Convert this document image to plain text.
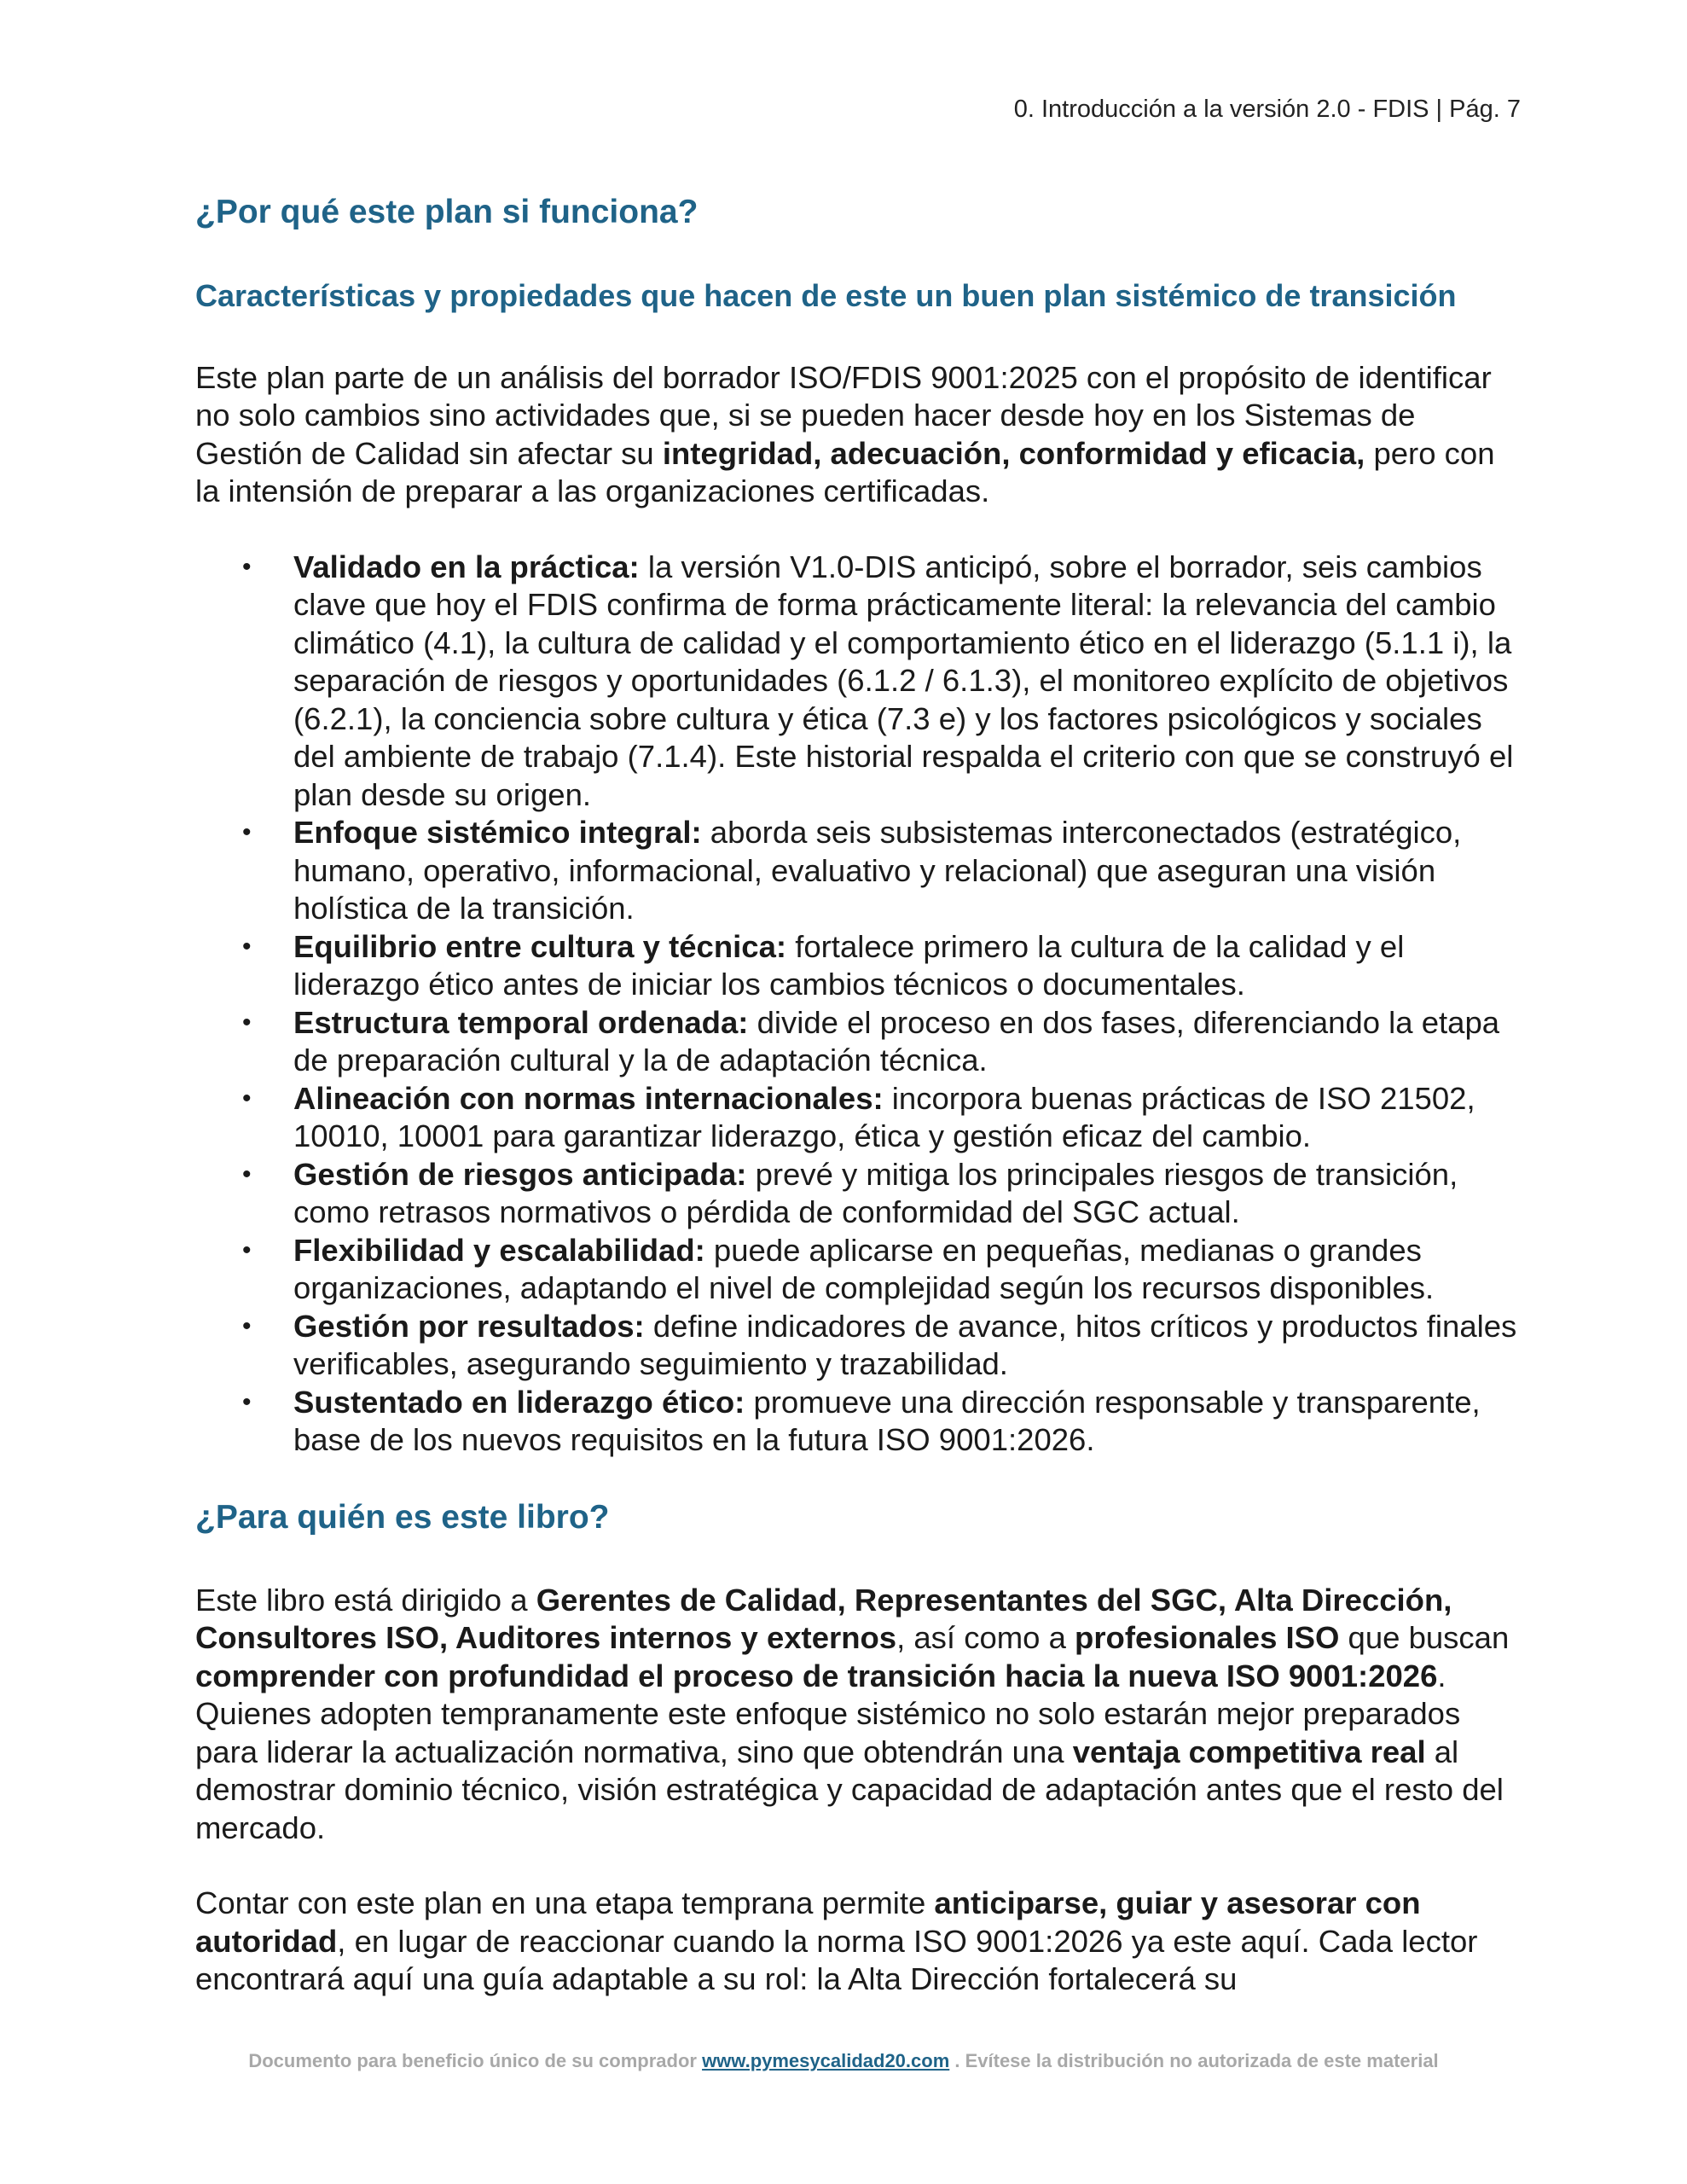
0. Introducción a la versión 2.0 - FDIS | Pág. 7
¿Por qué este plan si funciona?
Características y propiedades que hacen de este un buen plan sistémico de transición
Este plan parte de un análisis del borrador ISO/FDIS 9001:2025 con el propósito de identificar no solo cambios sino actividades que, si se pueden hacer desde hoy en los Sistemas de Gestión de Calidad sin afectar su integridad, adecuación, conformidad y eficacia, pero con la intensión de preparar a las organizaciones certificadas.
• Validado en la práctica: la versión V1.0-DIS anticipó, sobre el borrador, seis cambios clave que hoy el FDIS confirma de forma prácticamente literal: la relevancia del cambio climático (4.1), la cultura de calidad y el comportamiento ético en el liderazgo (5.1.1 i), la separación de riesgos y oportunidades (6.1.2 / 6.1.3), el monitoreo explícito de objetivos (6.2.1), la conciencia sobre cultura y ética (7.3 e) y los factores psicológicos y sociales del ambiente de trabajo (7.1.4). Este historial respalda el criterio con que se construyó el plan desde su origen.
• Enfoque sistémico integral: aborda seis subsistemas interconectados (estratégico, humano, operativo, informacional, evaluativo y relacional) que aseguran una visión holística de la transición.
• Equilibrio entre cultura y técnica: fortalece primero la cultura de la calidad y el liderazgo ético antes de iniciar los cambios técnicos o documentales.
• Estructura temporal ordenada: divide el proceso en dos fases, diferenciando la etapa de preparación cultural y la de adaptación técnica.
• Alineación con normas internacionales: incorpora buenas prácticas de ISO 21502, 10010, 10001 para garantizar liderazgo, ética y gestión eficaz del cambio.
• Gestión de riesgos anticipada: prevé y mitiga los principales riesgos de transición, como retrasos normativos o pérdida de conformidad del SGC actual.
• Flexibilidad y escalabilidad: puede aplicarse en pequeñas, medianas o grandes organizaciones, adaptando el nivel de complejidad según los recursos disponibles.
• Gestión por resultados: define indicadores de avance, hitos críticos y productos finales verificables, asegurando seguimiento y trazabilidad.
• Sustentado en liderazgo ético: promueve una dirección responsable y transparente, base de los nuevos requisitos en la futura ISO 9001:2026.
¿Para quién es este libro?
Este libro está dirigido a Gerentes de Calidad, Representantes del SGC, Alta Dirección, Consultores ISO, Auditores internos y externos, así como a profesionales ISO que buscan comprender con profundidad el proceso de transición hacia la nueva ISO 9001:2026. Quienes adopten tempranamente este enfoque sistémico no solo estarán mejor preparados para liderar la actualización normativa, sino que obtendrán una ventaja competitiva real al demostrar dominio técnico, visión estratégica y capacidad de adaptación antes que el resto del mercado.
Contar con este plan en una etapa temprana permite anticiparse, guiar y asesorar con autoridad, en lugar de reaccionar cuando la norma ISO 9001:2026 ya este aquí. Cada lector encontrará aquí una guía adaptable a su rol: la Alta Dirección fortalecerá su
Documento para beneficio único de su comprador www.pymesycalidad20.com . Evítese la distribución no autorizada de este material
